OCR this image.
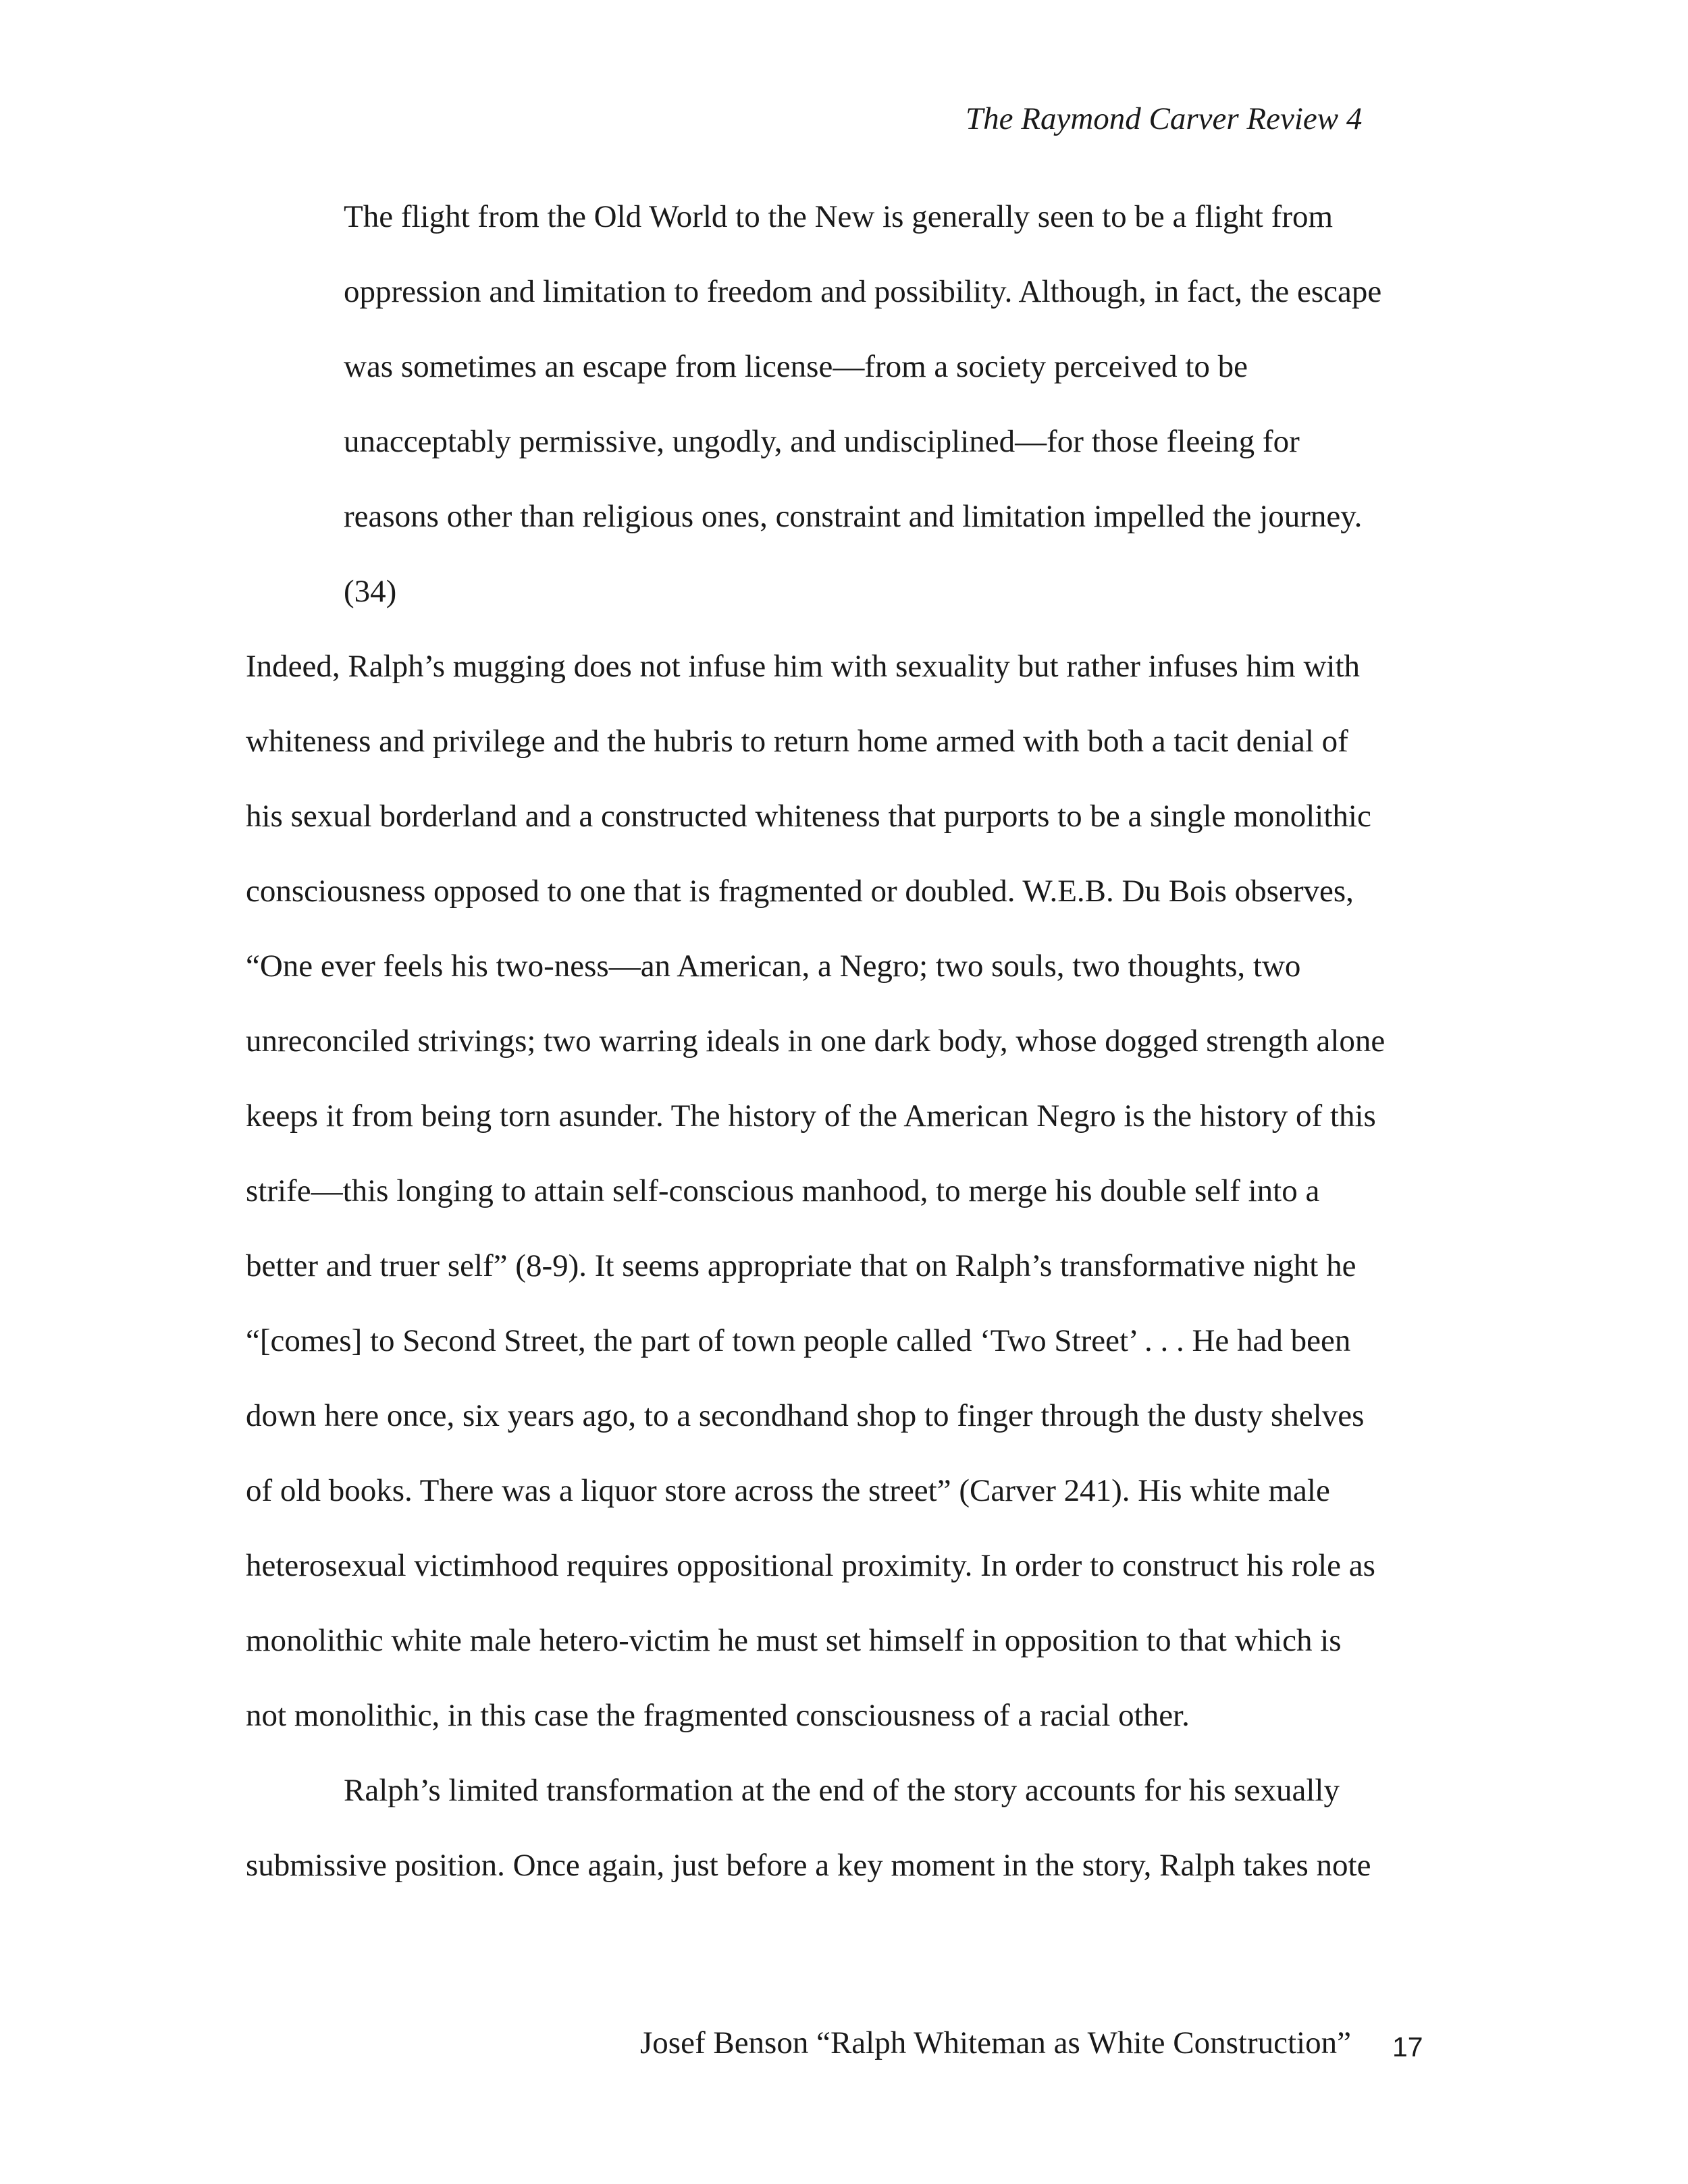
The Raymond Carver Review 4
The flight from the Old World to the New is generally seen to be a flight from
oppression and limitation to freedom and possibility. Although, in fact, the escape
was sometimes an escape from license—from a society perceived to be
unacceptably permissive, ungodly, and undisciplined—for those fleeing for
reasons other than religious ones, constraint and limitation impelled the journey.
(34)
Indeed, Ralph’s mugging does not infuse him with sexuality but rather infuses him with
whiteness and privilege and the hubris to return home armed with both a tacit denial of
his sexual borderland and a constructed whiteness that purports to be a single monolithic
consciousness opposed to one that is fragmented or doubled. W.E.B. Du Bois observes,
“One ever feels his two-ness—an American, a Negro; two souls, two thoughts, two
unreconciled strivings; two warring ideals in one dark body, whose dogged strength alone
keeps it from being torn asunder. The history of the American Negro is the history of this
strife—this longing to attain self-conscious manhood, to merge his double self into a
better and truer self” (8-9). It seems appropriate that on Ralph’s transformative night he
“[comes] to Second Street, the part of town people called ‘Two Street’ . . . He had been
down here once, six years ago, to a secondhand shop to finger through the dusty shelves
of old books. There was a liquor store across the street” (Carver 241). His white male
heterosexual victimhood requires oppositional proximity. In order to construct his role as
monolithic white male hetero-victim he must set himself in opposition to that which is
not monolithic, in this case the fragmented consciousness of a racial other.
Ralph’s limited transformation at the end of the story accounts for his sexually
submissive position. Once again, just before a key moment in the story, Ralph takes note
Josef Benson “Ralph Whiteman as White Construction” 17
